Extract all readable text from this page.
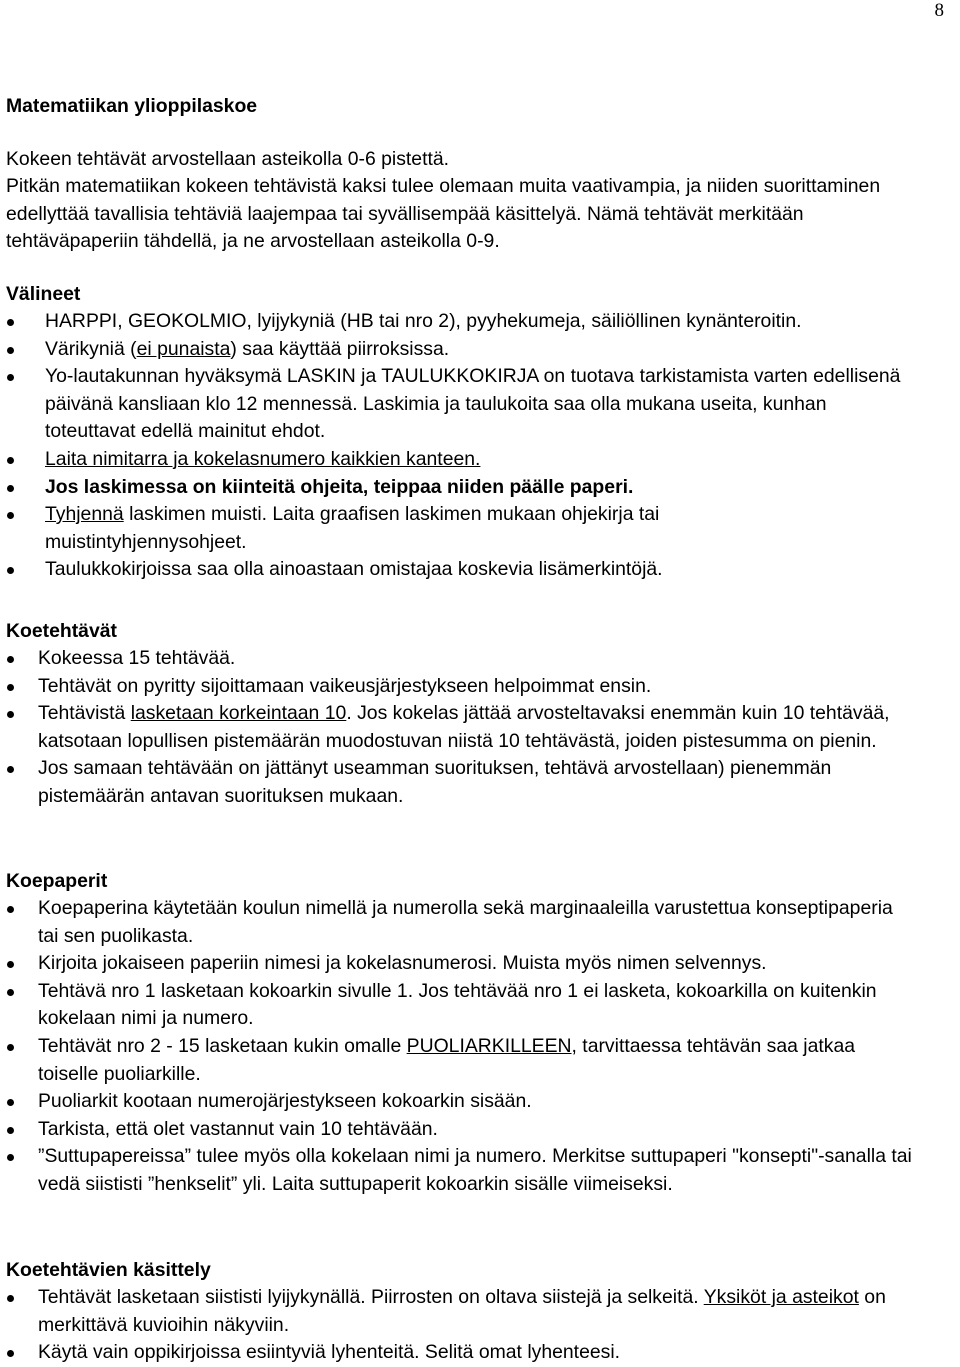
8
Matematiikan ylioppilaskoe

Kokeen tehtävät arvostellaan asteikolla 0-6 pistettä.

Pitkän matematiikan kokeen tehtävistä kaksi tulee olemaan muita vaativampia, ja niiden suorittaminen edellyttää tavallisia tehtäviä laajempaa tai syvällisempää käsittelyä. Nämä tehtävät merkitään tehtäväpaperiin tähdellä, ja ne arvostellaan asteikolla 0-9.

Välineet
HARPPI, GEOKOLMIO, lyijykyniä (HB tai nro 2), pyyhekumeja, säiliöllinen kynänteroitin.
Värikyniä (ei punaista) saa käyttää piirroksissa.
Yo-lautakunnan hyväksymä LASKIN ja TAULUKKOKIRJA on tuotava tarkistamista varten edellisenä päivänä kansliaan klo 12 mennessä. Laskimia ja taulukoita saa olla mukana useita, kunhan toteuttavat edellä mainitut ehdot.
Laita nimitarra ja kokelasnumero kaikkien kanteen.
Jos laskimessa on kiinteitä ohjeita, teippaa niiden päälle paperi.
Tyhjennä laskimen muisti. Laita graafisen laskimen mukaan ohjekirja tai muistintyhjennysohjeet.
Taulukkokirjoissa saa olla ainoastaan omistajaa koskevia lisämerkintöjä.
Koetehtävät
Kokeessa 15 tehtävää.
Tehtävät on pyritty sijoittamaan vaikeusjärjestykseen helpoimmat ensin.
Tehtävistä lasketaan korkeintaan 10. Jos kokelas jättää arvosteltavaksi enemmän kuin 10 tehtävää, katsotaan lopullisen pistemäärän muodostuvan niistä 10 tehtävästä, joiden pistesumma on pienin.
Jos samaan tehtävään on jättänyt useamman suorituksen, tehtävä arvostellaan) pienemmän pistemäärän antavan suorituksen mukaan.
Koepaperit
Koepaperina käytetään koulun nimellä ja numerolla sekä marginaaleilla varustettua konseptipaperia tai sen puolikasta.
Kirjoita jokaiseen paperiin nimesi ja kokelasnumerosi. Muista myös nimen selvennys.
Tehtävä nro 1 lasketaan kokoarkin sivulle 1. Jos tehtävää nro 1 ei lasketa, kokoarkilla on kuitenkin kokelaan nimi ja numero.
Tehtävät nro 2 - 15 lasketaan kukin omalle PUOLIARKILLEEN, tarvittaessa tehtävän saa jatkaa toiselle puoliarkille.
Puoliarkit kootaan numerojärjestykseen kokoarkin sisään.
Tarkista, että olet vastannut vain 10 tehtävään.
”Suttupapereissa” tulee myös olla kokelaan nimi ja numero. Merkitse suttupaperi "konsepti"-sanalla tai vedä siististi ”henkselit” yli. Laita suttupaperit kokoarkin sisälle viimeiseksi.
Koetehtävien käsittely
Tehtävät lasketaan siististi lyijykynällä. Piirrosten on oltava siistejä ja selkeitä. Yksiköt ja asteikot on merkittävä kuvioihin näkyviin.
Käytä vain oppikirjoissa esiintyviä lyhenteitä. Selitä omat lyhenteesi.
